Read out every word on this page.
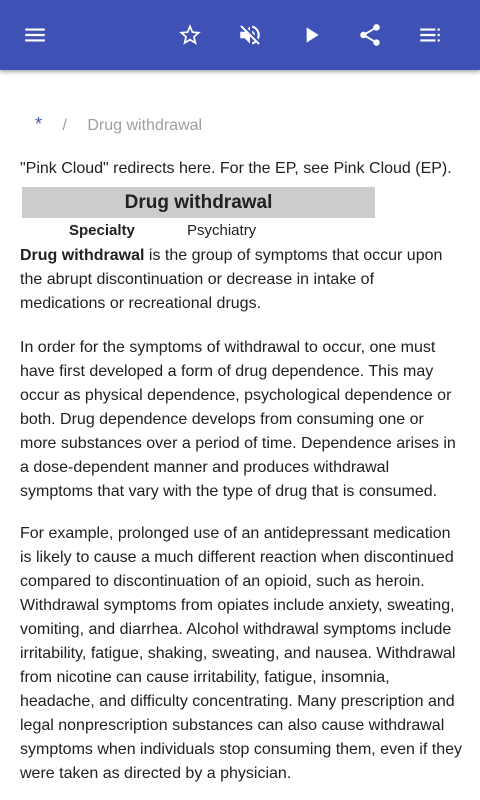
* / Drug withdrawal
"Pink Cloud" redirects here. For the EP, see Pink Cloud (EP).
Drug withdrawal
Specialty	Psychiatry

Drug withdrawal is the group of symptoms that occur upon the abrupt discontinuation or decrease in intake of medications or recreational drugs.

In order for the symptoms of withdrawal to occur, one must have first developed a form of drug dependence. This may occur as physical dependence, psychological dependence or both. Drug dependence develops from consuming one or more substances over a period of time. Dependence arises in a dose-dependent manner and produces withdrawal symptoms that vary with the type of drug that is consumed.

For example, prolonged use of an antidepressant medication is likely to cause a much different reaction when discontinued compared to discontinuation of an opioid, such as heroin. Withdrawal symptoms from opiates include anxiety, sweating, vomiting, and diarrhea. Alcohol withdrawal symptoms include irritability, fatigue, shaking, sweating, and nausea. Withdrawal from nicotine can cause irritability, fatigue, insomnia, headache, and difficulty concentrating. Many prescription and legal nonprescription substances can also cause withdrawal symptoms when individuals stop consuming them, even if they were taken as directed by a physician.
